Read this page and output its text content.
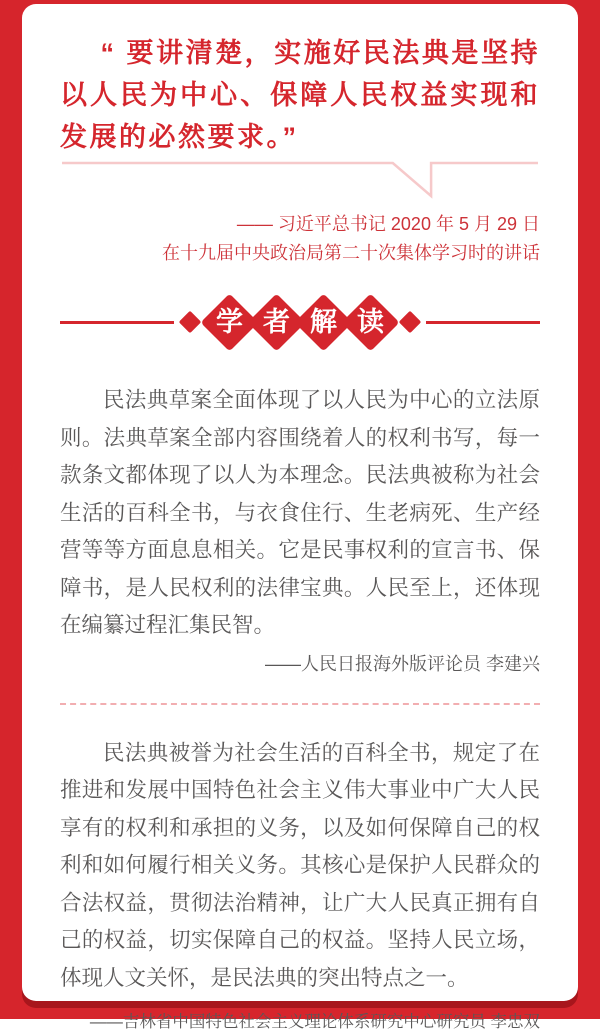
“ 要讲清楚，实施好民法典是坚持以人民为中心、保障人民权益实现和发展的必然要求。”
—— 习近平总书记 2020 年 5 月 29 日
在十九届中央政治局第二十次集体学习时的讲话
学 者 解 读
民法典草案全面体现了以人民为中心的立法原则。法典草案全部内容围绕着人的权利书写，每一款条文都体现了以人为本理念。民法典被称为社会生活的百科全书，与衣食住行、生老病死、生产经营等等方面息息相关。它是民事权利的宣言书、保障书，是人民权利的法律宝典。人民至上，还体现在编纂过程汇集民智。
——人民日报海外版评论员 李建兴
民法典被誉为社会生活的百科全书，规定了在推进和发展中国特色社会主义伟大事业中广大人民享有的权利和承担的义务，以及如何保障自己的权利和如何履行相关义务。其核心是保护人民群众的合法权益，贯彻法治精神，让广大人民真正拥有自己的权益，切实保障自己的权益。坚持人民立场，体现人文关怀，是民法典的突出特点之一。
——吉林省中国特色社会主义理论体系研究中心研究员 李忠双
